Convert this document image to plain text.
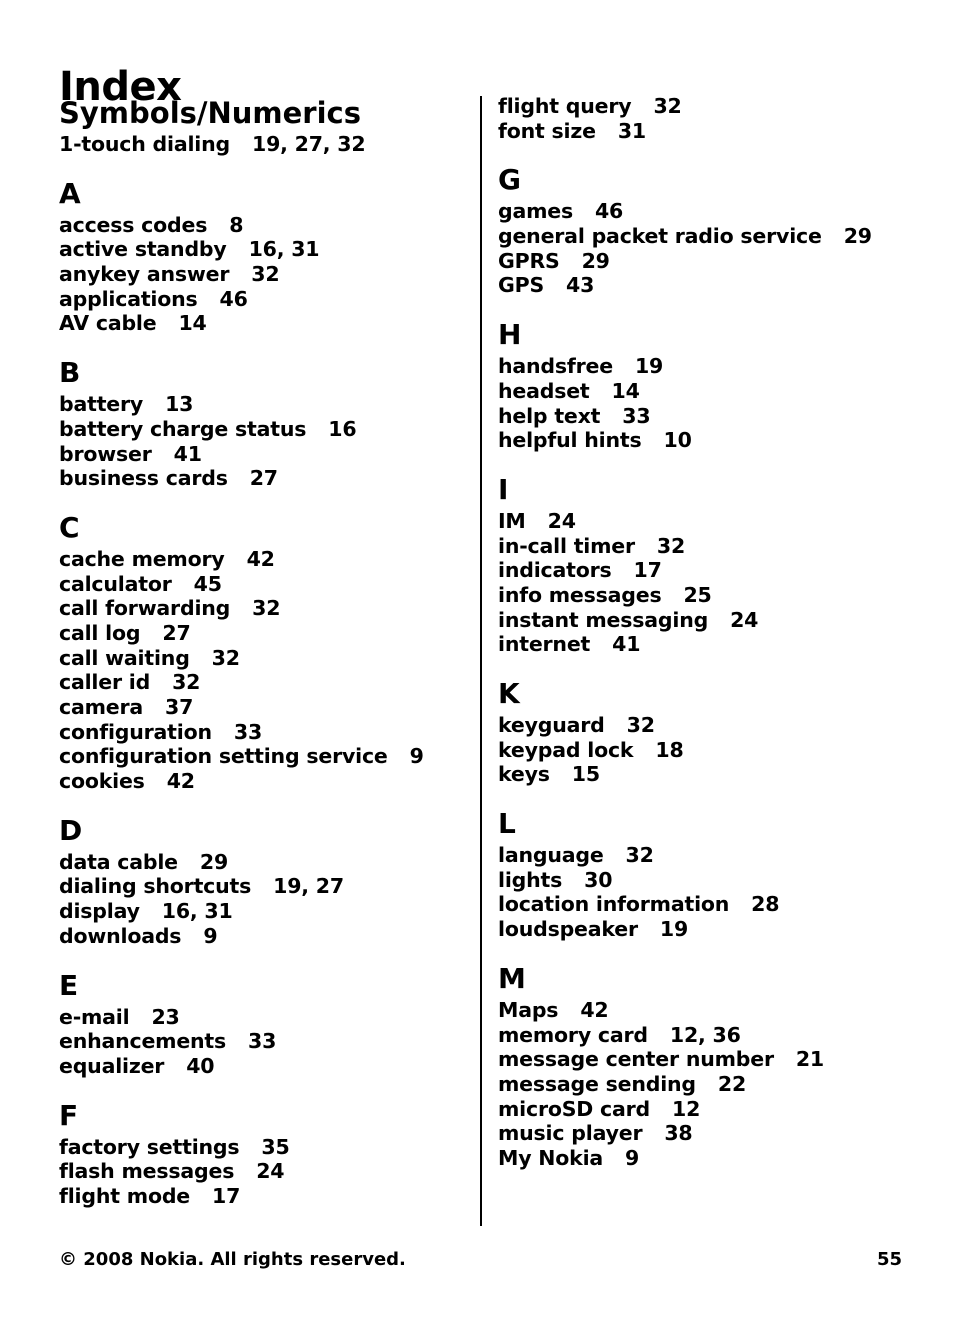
Index
Symbols/Numerics
1-touch dialing 19, 27, 32
A
access codes 8
active standby 16, 31
anykey answer 32
applications 46
AV cable 14
B
battery 13
battery charge status 16
browser 41
business cards 27
C
cache memory 42
calculator 45
call forwarding 32
call log 27
call waiting 32
caller id 32
camera 37
configuration 33
configuration setting service 9
cookies 42
D
data cable 29
dialing shortcuts 19, 27
display 16, 31
downloads 9
E
e-mail 23
enhancements 33
equalizer 40
F
factory settings 35
flash messages 24
flight mode 17
flight query 32
font size 31
G
games 46
general packet radio service 29
GPRS 29
GPS 43
H
handsfree 19
headset 14
help text 33
helpful hints 10
I
IM 24
in-call timer 32
indicators 17
info messages 25
instant messaging 24
internet 41
K
keyguard 32
keypad lock 18
keys 15
L
language 32
lights 30
location information 28
loudspeaker 19
M
Maps 42
memory card 12, 36
message center number 21
message sending 22
microSD card 12
music player 38
My Nokia 9
© 2008 Nokia. All rights reserved.	55
